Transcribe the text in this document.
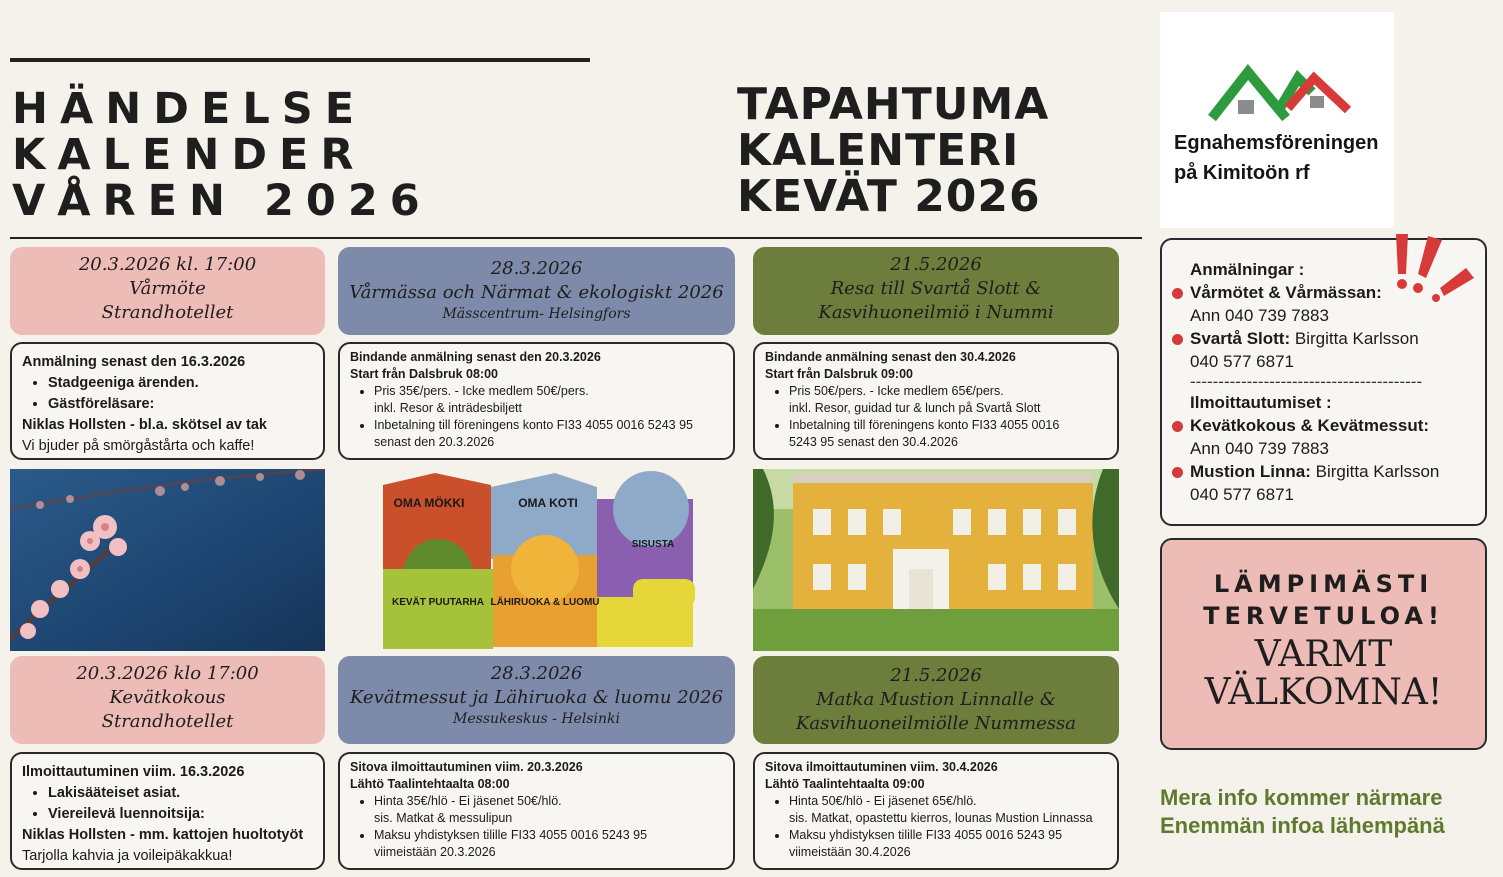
HÄNDELSE
KALENDER
VÅREN 2026
TAPAHTUMA
KALENTERI
KEVÄT 2026
Egnahemsföreningen
på Kimitoön rf
20.3.2026 kl. 17:00
Vårmöte
Strandhotellet

Anmälning senast den 16.3.2026

• Stadgeeniga ärenden.
• Gästföreläsare:

Niklas Hollsten - bl.a. skötsel av tak

Vi bjuder på smörgåstårta och kaffe!

20.3.2026 klo 17:00
Kevätkokous
Strandhotellet

Ilmoittautuminen viim. 16.3.2026

• Lakisääteiset asiat.
• Viereilevä luennoitsija:

Niklas Hollsten - mm. kattojen huoltotyöt

Tarjolla kahvia ja voileipäkakkua!

28.3.2026
Vårmässa och Närmat & ekologiskt 2026
Mässcentrum- Helsingfors

Bindande anmälning senast den 20.3.2026

Start från Dalsbruk 08:00

• Pris 35€/pers. - Icke medlem 50€/pers.
inkl. Resor & inträdesbiljett
• Inbetalning till föreningens konto FI33 4055 0016 5243 95
senast den 20.3.2026
OMA MÖKKI	OMA KOTI
SISUSTA
KEVÄT PUUTARHA LÄHIRUOKA & LUOMU
28.3.2026
Kevätmessut ja Lähiruoka & luomu 2026
Messukeskus - Helsinki

Sitova ilmoittautuminen viim. 20.3.2026

Lähtö Taalintehtaalta 08:00

• Hinta 35€/hlö - Ei jäsenet 50€/hlö.
sis. Matkat & messulipun
• Maksu yhdistyksen tilille FI33 4055 0016 5243 95
viimeistään 20.3.2026
21.5.2026
Resa till Svartå Slott &
Kasvihuoneilmiö i Nummi

Bindande anmälning senast den 30.4.2026

Start från Dalsbruk 09:00

• Pris 50€/pers. - Icke medlem 65€/pers.
inkl. Resor, guidad tur & lunch på Svartå Slott
• Inbetalning till föreningens konto FI33 4055 0016
5243 95 senast den 30.4.2026
21.5.2026
Matka Mustion Linnalle &
Kasvihuoneilmiölle Nummessa

Sitova ilmoittautuminen viim. 30.4.2026

Lähtö Taalintehtaalta 09:00

• Hinta 50€/hlö - Ei jäsenet 65€/hlö.
sis. Matkat, opastettu kierros, lounas Mustion Linnassa
• Maksu yhdistyksen tilille FI33 4055 0016 5243 95
viimeistään 30.4.2026

Anmälningar :

Vårmötet & Vårmässan:

Ann 040 739 7883

Svartå Slott: Birgitta Karlsson

040 577 6871

-----------------------------------------

Ilmoittautumiset :

Kevätkokous & Kevätmessut:

Ann 040 739 7883

Mustion Linna: Birgitta Karlsson

040 577 6871

LÄMPIMÄSTI
TERVETULOA!
VARMT
VÄLKOMNA!
Mera info kommer närmare
Enemmän infoa lähempänä
